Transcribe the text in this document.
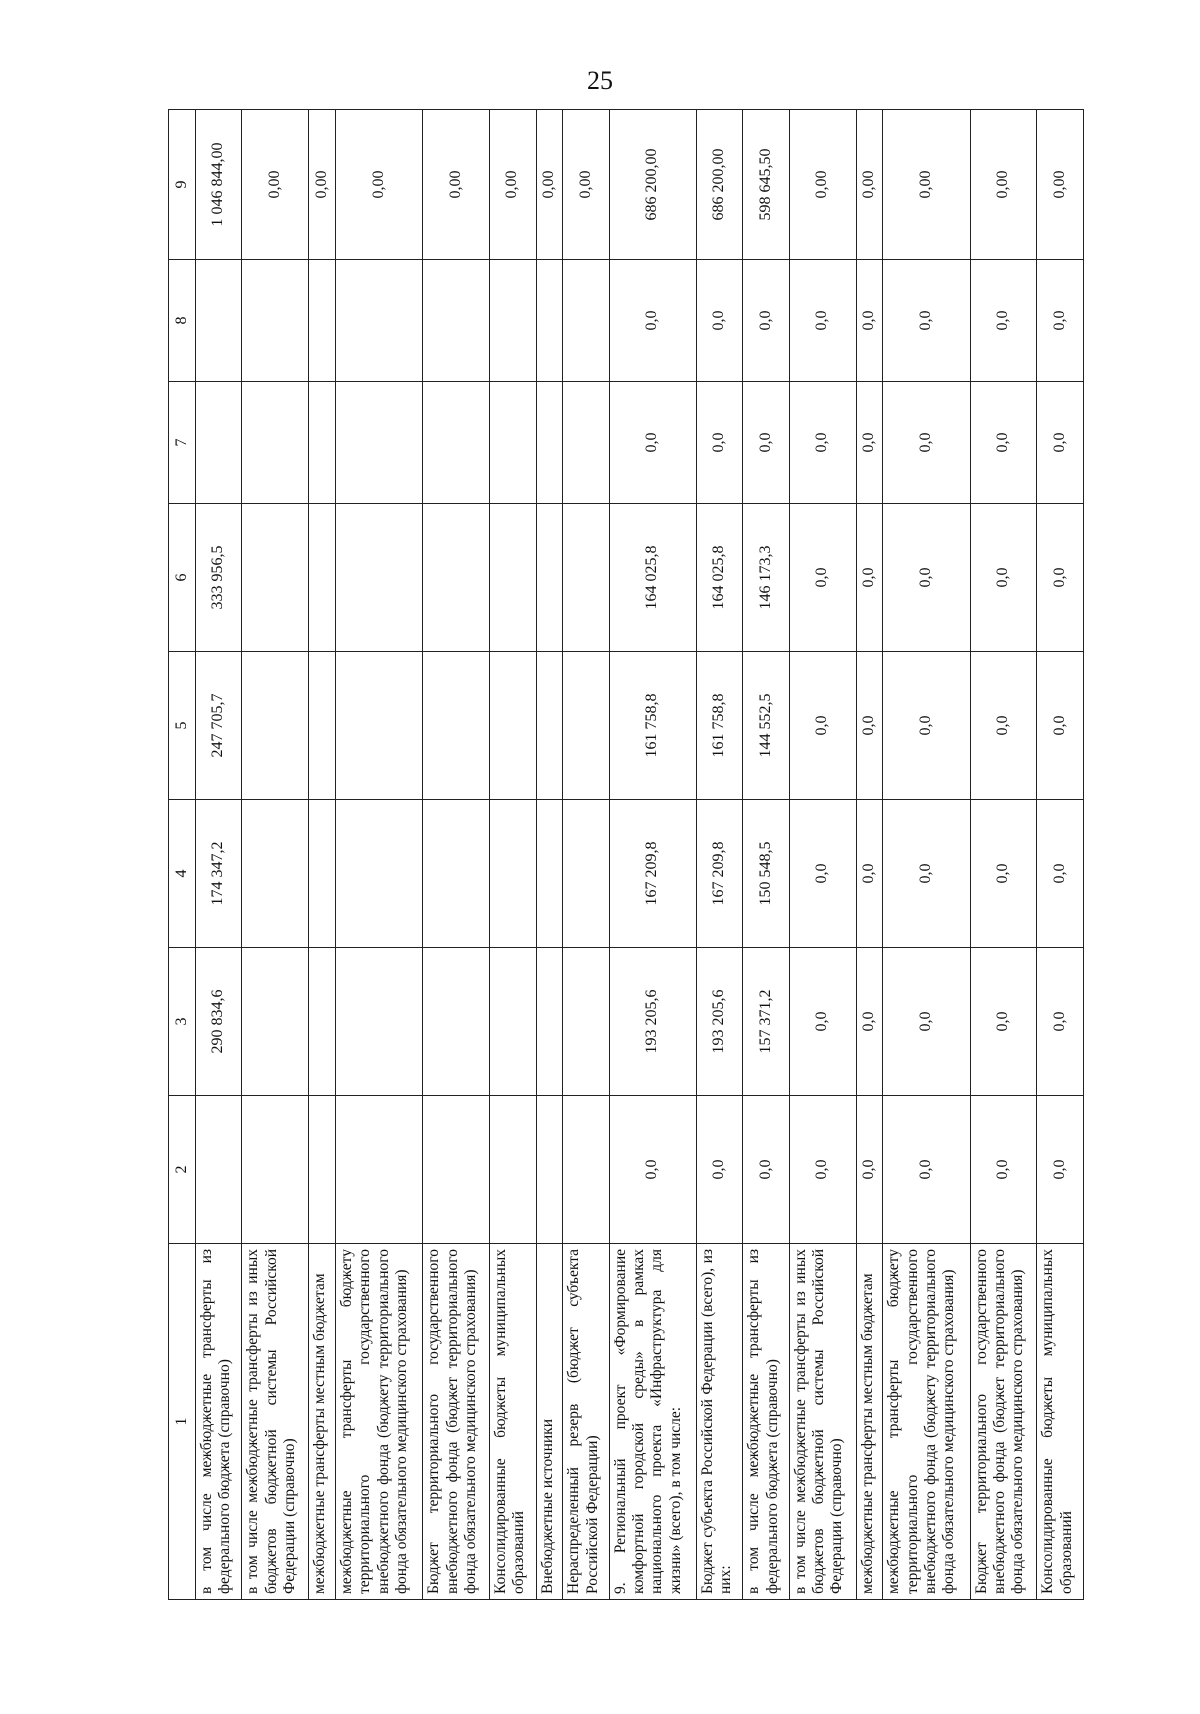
25
1	2	3	4	5	6	7	8	9
в том числе межбюджетные трансферты из федерального бюджета (справочно)		290 834,6	174 347,2	247 705,7	333 956,5			1 046 844,00
в том числе межбюджетные трансферты из иных бюджетов бюджетной системы Российской Федерации (справочно)								0,00
межбюджетные трансферты местным бюджетам								0,00
межбюджетные трансферты бюджету территориального государственного внебюджетного фонда (бюджету территориального фонда обязательного медицинского страхования)								0,00
Бюджет территориального государственного внебюджетного фонда (бюджет территориального фонда обязательного медицинского страхования)								0,00
Консолидированные бюджеты муниципальных образований								0,00
Внебюджетные источники								0,00
Нераспределенный резерв (бюджет субъекта Российской Федерации)								0,00
9. Региональный проект «Формирование комфортной городской среды» в рамках национального проекта «Инфраструктура для жизни» (всего), в том числе:	0,0	193 205,6	167 209,8	161 758,8	164 025,8	0,0	0,0	686 200,00
Бюджет субъекта Российской Федерации (всего), из них:	0,0	193 205,6	167 209,8	161 758,8	164 025,8	0,0	0,0	686 200,00
в том числе межбюджетные трансферты из федерального бюджета (справочно)	0,0	157 371,2	150 548,5	144 552,5	146 173,3	0,0	0,0	598 645,50
в том числе межбюджетные трансферты из иных бюджетов бюджетной системы Российской Федерации (справочно)	0,0	0,0	0,0	0,0	0,0	0,0	0,0	0,00
межбюджетные трансферты местным бюджетам	0,0	0,0	0,0	0,0	0,0	0,0	0,0	0,00
межбюджетные трансферты бюджету территориального государственного внебюджетного фонда (бюджету территориального фонда обязательного медицинского страхования)	0,0	0,0	0,0	0,0	0,0	0,0	0,0	0,00
Бюджет территориального государственного внебюджетного фонда (бюджет территориального фонда обязательного медицинского страхования)	0,0	0,0	0,0	0,0	0,0	0,0	0,0	0,00
Консолидированные бюджеты муниципальных образований	0,0	0,0	0,0	0,0	0,0	0,0	0,0	0,00
